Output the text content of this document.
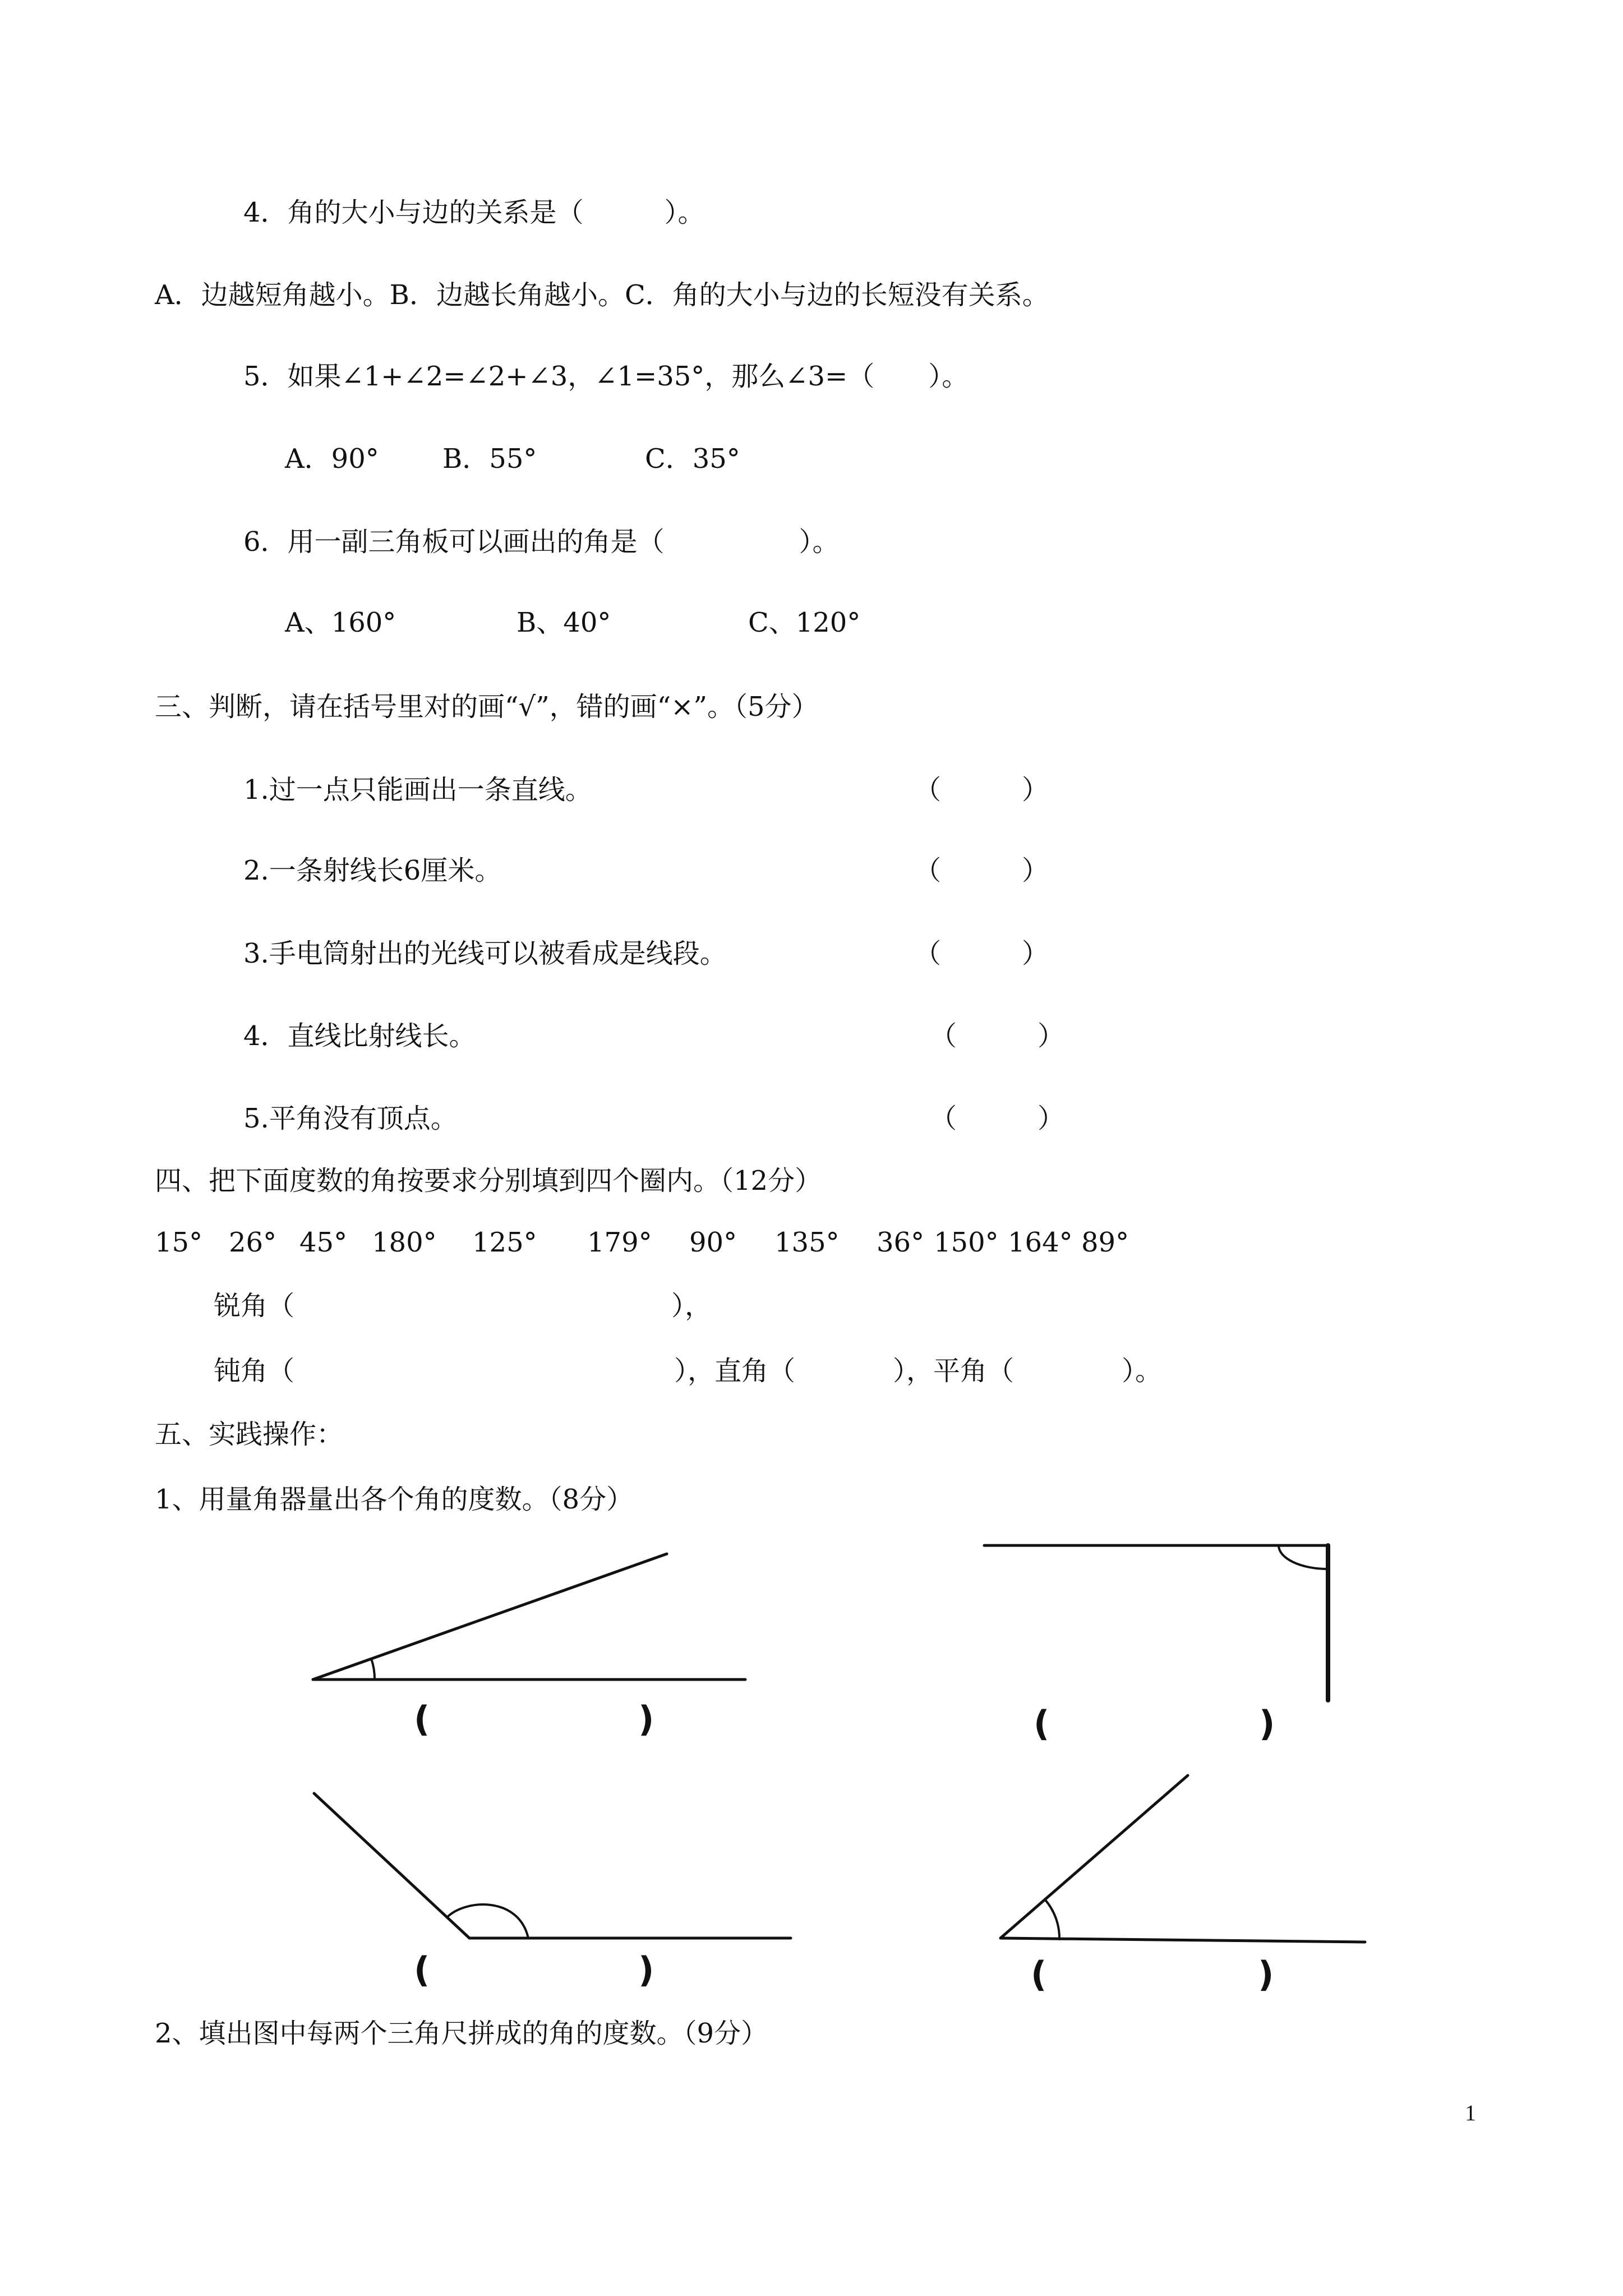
4．角的大小与边的关系是（　　　）。
A．边越短角越小。B．边越长角越小。C．角的大小与边的长短没有关系。
5．如果∠1+∠2=∠2+∠3，∠1=35°，那么∠3=（　　）。
A．90° B．55°	C．35°
6．用一副三角板可以画出的角是（　　　　　）。
A、160°	B、40°	C、120°
三、判断，请在括号里对的画“√”，错的画“×”。（5分）
1.过一点只能画出一条直线。	（　　　）
2.一条射线长6厘米。	（　　　）
3.手电筒射出的光线可以被看成是线段。	（　　　）
4．直线比射线长。	（　　　）
5.平角没有顶点。	（　　　）
四、把下面度数的角按要求分别填到四个圈内。（12分）
15° 26° 45° 180° 125° 179° 90° 135° 36° 150° 164° 89°
锐角（	），
钝角（	），直角（	），平角（	）。
五、实践操作：
1、用量角器量出各个角的度数。（8分）
(	)	(	)
(	)	(	)
2、填出图中每两个三角尺拼成的角的度数。（9分）
1
